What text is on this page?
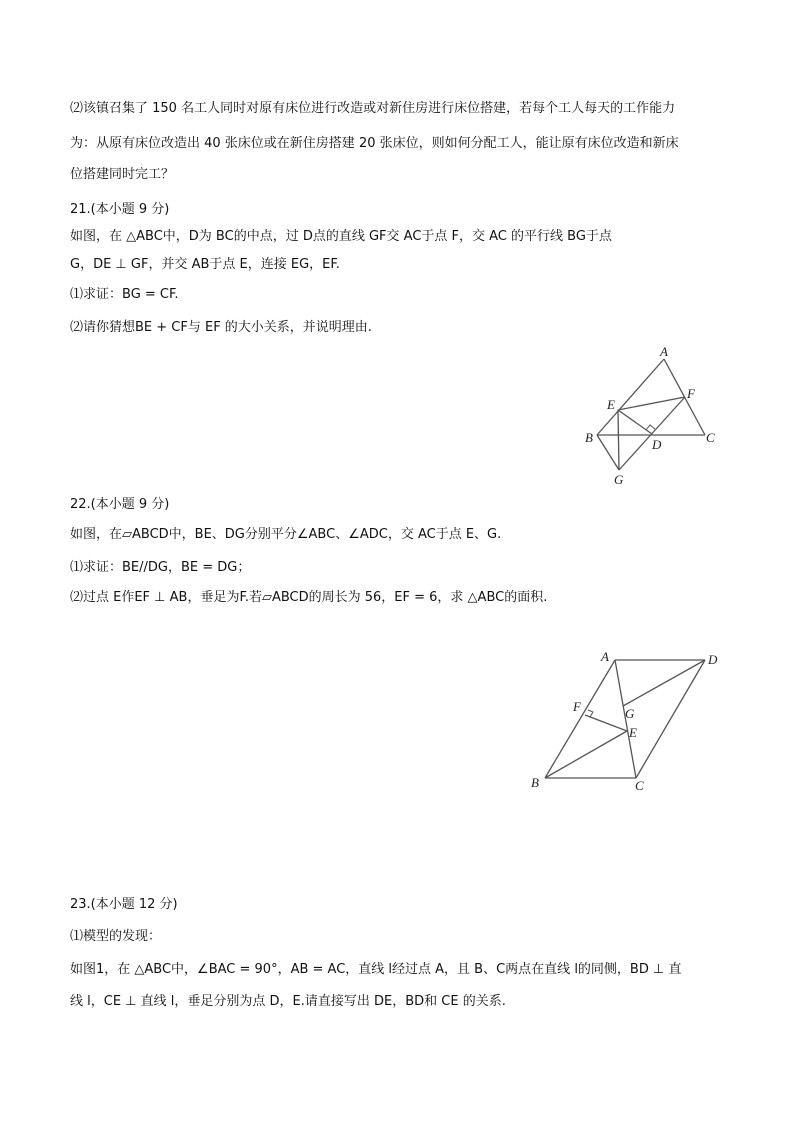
⑵该镇召集了 150 名工人同时对原有床位进行改造或对新住房进行床位搭建，若每个工人每天的工作能力
为：从原有床位改造出 40 张床位或在新住房搭建 20 张床位，则如何分配工人，能让原有床位改造和新床
位搭建同时完工？
21.(本小题 9 分)
如图，在 △ABC中，D为 BC的中点，过 D点的直线 GF交 AC于点 F，交 AC 的平行线 BG于点
G，DE ⊥ GF，并交 AB于点 E，连接 EG，EF.
⑴求证：BG = CF.
⑵请你猜想BE + CF与 EF 的大小关系，并说明理由.
A
F
E
B	D	C
G
A	D
F	G
E
B	C
22.(本小题 9 分)
如图，在▱ABCD中，BE、DG分别平分∠ABC、∠ADC，交 AC于点 E、G.
⑴求证：BE//DG，BE = DG；
⑵过点 E作EF ⊥ AB，垂足为F.若▱ABCD的周长为 56，EF = 6，求 △ABC的面积.
23.(本小题 12 分)
⑴模型的发现：
如图1，在 △ABC中，∠BAC = 90°，AB = AC，直线 l经过点 A，且 B、C两点在直线 l的同侧，BD ⊥ 直
线 l，CE ⊥ 直线 l，垂足分别为点 D，E.请直接写出 DE，BD和 CE 的关系.
